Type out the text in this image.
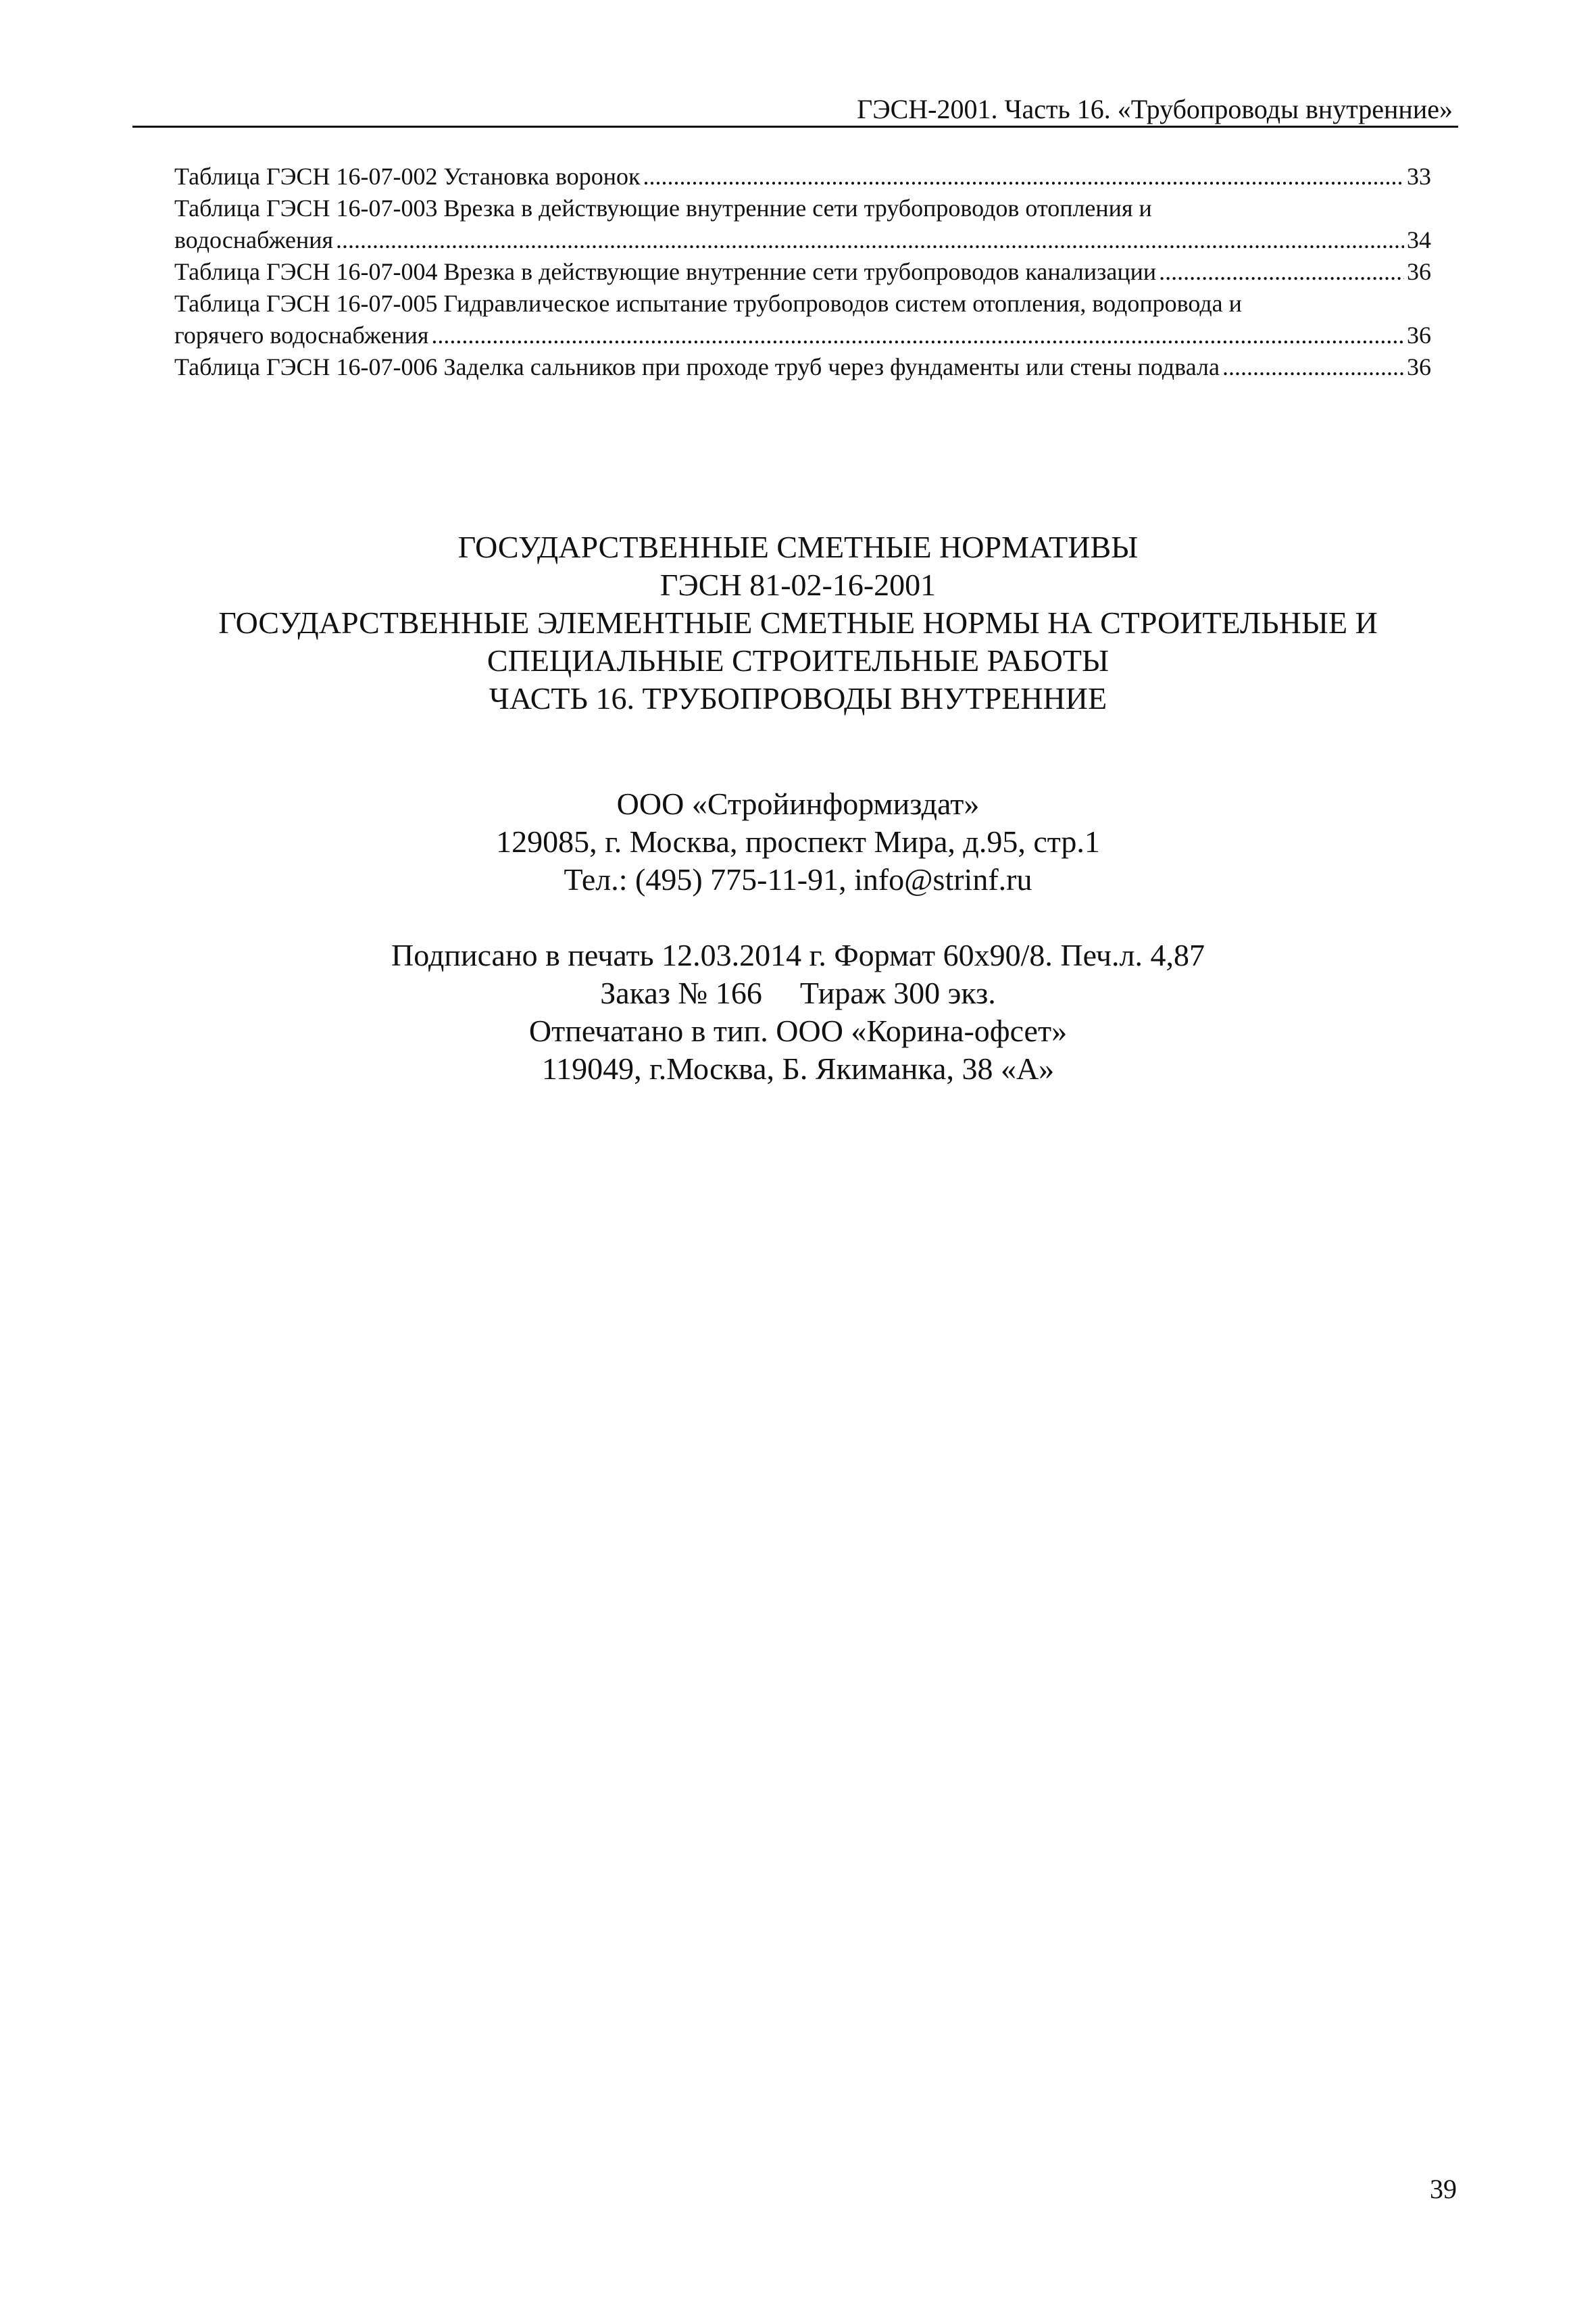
ГЭСН-2001. Часть 16. «Трубопроводы внутренние»
Таблица ГЭСН 16-07-002 Установка воронок .....	33
Таблица ГЭСН 16-07-003 Врезка в действующие внутренние сети трубопроводов отопления и
водоснабжения .....	34
Таблица ГЭСН 16-07-004 Врезка в действующие внутренние сети трубопроводов канализации .....	36
Таблица ГЭСН 16-07-005 Гидравлическое испытание трубопроводов систем отопления, водопровода и
горячего водоснабжения .....	36
Таблица ГЭСН 16-07-006 Заделка сальников при проходе труб через фундаменты или стены подвала .....	36
ГОСУДАРСТВЕННЫЕ СМЕТНЫЕ НОРМАТИВЫ
ГЭСН 81-02-16-2001
ГОСУДАРСТВЕННЫЕ ЭЛЕМЕНТНЫЕ СМЕТНЫЕ НОРМЫ НА СТРОИТЕЛЬНЫЕ И
СПЕЦИАЛЬНЫЕ СТРОИТЕЛЬНЫЕ РАБОТЫ
ЧАСТЬ 16. ТРУБОПРОВОДЫ ВНУТРЕННИЕ
ООО «Стройинформиздат»
129085, г. Москва, проспект Мира, д.95, стр.1
Тел.: (495) 775-11-91, info@strinf.ru
Подписано в печать 12.03.2014 г. Формат 60х90/8. Печ.л. 4,87
Заказ № 166 Тираж 300 экз.
Отпечатано в тип. ООО «Корина-офсет»
119049, г.Москва, Б. Якиманка, 38 «А»
39
